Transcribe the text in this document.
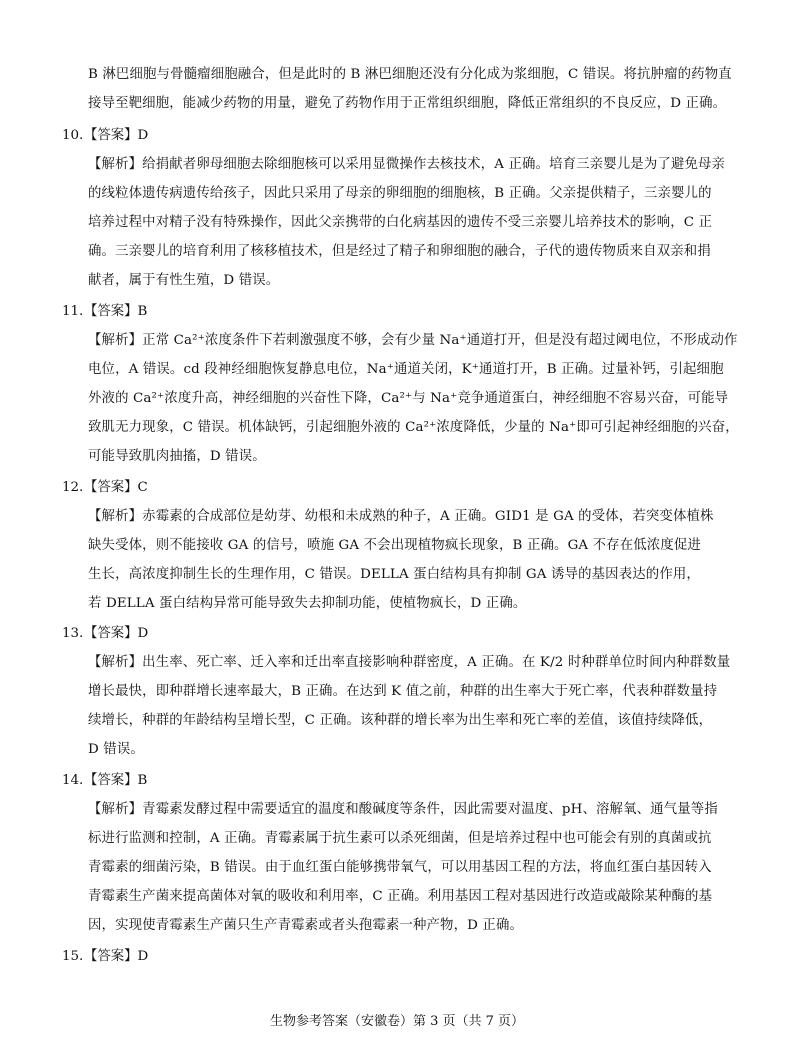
B 淋巴细胞与骨髓瘤细胞融合，但是此时的 B 淋巴细胞还没有分化成为浆细胞，C 错误。将抗肿瘤的药物直
接导至靶细胞，能减少药物的用量，避免了药物作用于正常组织细胞，降低正常组织的不良反应，D 正确。
10. 【答案】D
【解析】给捐献者卵母细胞去除细胞核可以采用显微操作去核技术，A 正确。培育三亲婴儿是为了避免母亲
的线粒体遗传病遗传给孩子，因此只采用了母亲的卵细胞的细胞核，B 正确。父亲提供精子，三亲婴儿的
培养过程中对精子没有特殊操作，因此父亲携带的白化病基因的遗传不受三亲婴儿培养技术的影响，C 正
确。三亲婴儿的培育利用了核移植技术，但是经过了精子和卵细胞的融合，子代的遗传物质来自双亲和捐
献者，属于有性生殖，D 错误。
11. 【答案】B
【解析】正常 Ca²⁺浓度条件下若刺激强度不够，会有少量 Na⁺通道打开，但是没有超过阈电位，不形成动作
电位，A 错误。cd 段神经细胞恢复静息电位，Na⁺通道关闭，K⁺通道打开，B 正确。过量补钙，引起细胞
外液的 Ca²⁺浓度升高，神经细胞的兴奋性下降，Ca²⁺与 Na⁺竞争通道蛋白，神经细胞不容易兴奋，可能导
致肌无力现象，C 错误。机体缺钙，引起细胞外液的 Ca²⁺浓度降低，少量的 Na⁺即可引起神经细胞的兴奋，
可能导致肌肉抽搐，D 错误。
12. 【答案】C
【解析】赤霉素的合成部位是幼芽、幼根和未成熟的种子，A 正确。GID1 是 GA 的受体，若突变体植株
缺失受体，则不能接收 GA 的信号，喷施 GA 不会出现植物疯长现象，B 正确。GA 不存在低浓度促进
生长，高浓度抑制生长的生理作用，C 错误。DELLA 蛋白结构具有抑制 GA 诱导的基因表达的作用，
若 DELLA 蛋白结构异常可能导致失去抑制功能，使植物疯长，D 正确。
13. 【答案】D
【解析】出生率、死亡率、迁入率和迁出率直接影响种群密度，A 正确。在 K/2 时种群单位时间内种群数量
增长最快，即种群增长速率最大，B 正确。在达到 K 值之前，种群的出生率大于死亡率，代表种群数量持
续增长，种群的年龄结构呈增长型，C 正确。该种群的增长率为出生率和死亡率的差值，该值持续降低，
D 错误。
14. 【答案】B
【解析】青霉素发酵过程中需要适宜的温度和酸碱度等条件，因此需要对温度、pH、溶解氧、通气量等指
标进行监测和控制，A 正确。青霉素属于抗生素可以杀死细菌，但是培养过程中也可能会有别的真菌或抗
青霉素的细菌污染，B 错误。由于血红蛋白能够携带氧气，可以用基因工程的方法，将血红蛋白基因转入
青霉素生产菌来提高菌体对氧的吸收和利用率，C 正确。利用基因工程对基因进行改造或敲除某种酶的基
因，实现使青霉素生产菌只生产青霉素或者头孢霉素一种产物，D 正确。
15. 【答案】D
生物参考答案（安徽卷）第 3 页（共 7 页）
